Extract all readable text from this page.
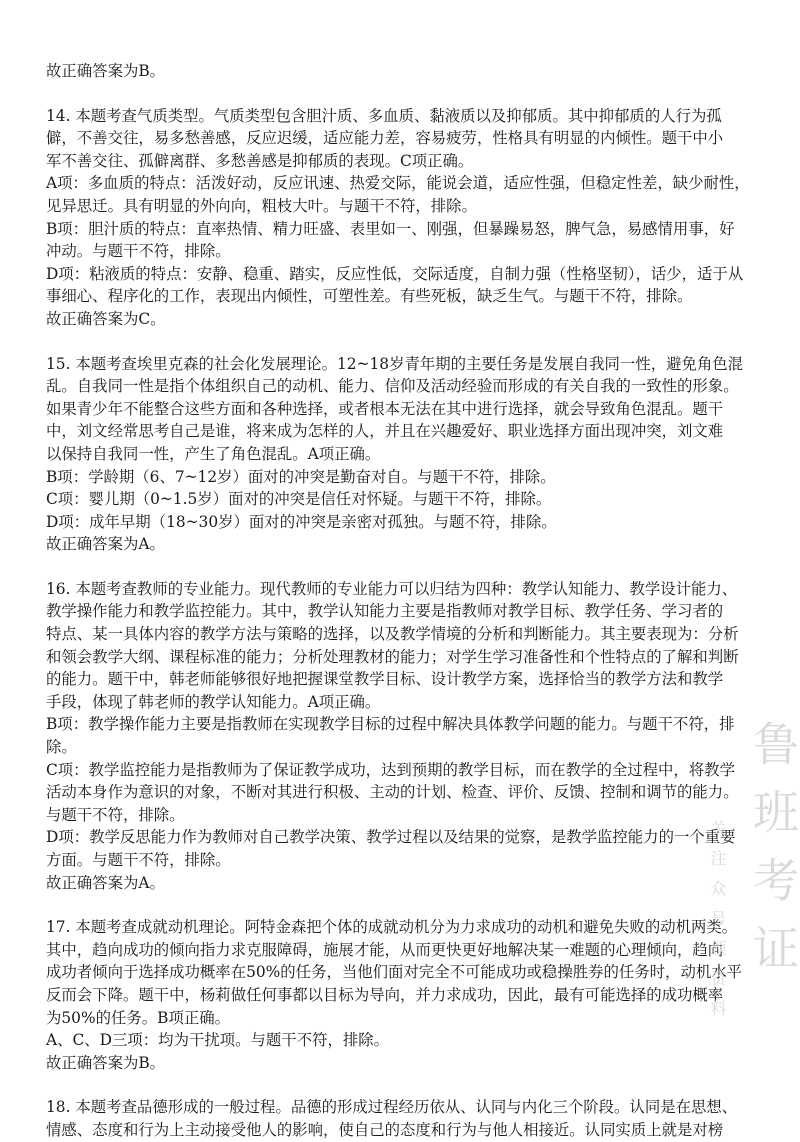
故正确答案为B。
14. 本题考查气质类型。气质类型包含胆汁质、多血质、黏液质以及抑郁质。其中抑郁质的人行为孤
僻，不善交往，易多愁善感，反应迟缓，适应能力差，容易疲劳，性格具有明显的内倾性。题干中小
军不善交往、孤僻离群、多愁善感是抑郁质的表现。C项正确。
A项：多血质的特点：活泼好动，反应讯速、热爱交际，能说会道，适应性强，但稳定性差，缺少耐性，
见异思迁。具有明显的外向向，粗枝大叶。与题干不符，排除。
B项：胆汁质的特点：直率热情、精力旺盛、表里如一、刚强，但暴躁易怒，脾气急，易感情用事，好
冲动。与题干不符，排除。
D项：粘液质的特点：安静、稳重、踏实，反应性低，交际适度，自制力强（性格坚韧），话少，适于从
事细心、程序化的工作，表现出内倾性，可塑性差。有些死板，缺乏生气。与题干不符，排除。
故正确答案为C。
15. 本题考查埃里克森的社会化发展理论。12~18岁青年期的主要任务是发展自我同一性，避免角色混
乱。自我同一性是指个体组织自己的动机、能力、信仰及活动经验而形成的有关自我的一致性的形象。
如果青少年不能整合这些方面和各种选择，或者根本无法在其中进行选择，就会导致角色混乱。题干
中，刘文经常思考自己是谁，将来成为怎样的人，并且在兴趣爱好、职业选择方面出现冲突，刘文难
以保持自我同一性，产生了角色混乱。A项正确。
B项：学龄期（6、7~12岁）面对的冲突是勤奋对自。与题干不符，排除。
C项：婴儿期（0~1.5岁）面对的冲突是信任对怀疑。与题干不符，排除。
D项：成年早期（18~30岁）面对的冲突是亲密对孤独。与题不符，排除。
故正确答案为A。
16. 本题考查教师的专业能力。现代教师的专业能力可以归结为四种：教学认知能力、教学设计能力、
教学操作能力和教学监控能力。其中，教学认知能力主要是指教师对教学目标、教学任务、学习者的
特点、某一具体内容的教学方法与策略的选择，以及教学情境的分析和判断能力。其主要表现为：分析
和领会教学大纲、课程标准的能力；分析处理教材的能力；对学生学习准备性和个性特点的了解和判断
的能力。题干中，韩老师能够很好地把握课堂教学目标、设计教学方案，选择恰当的教学方法和教学
手段，体现了韩老师的教学认知能力。A项正确。
B项：教学操作能力主要是指教师在实现教学目标的过程中解决具体教学问题的能力。与题干不符，排
除。
C项：教学监控能力是指教师为了保证教学成功，达到预期的教学目标，而在教学的全过程中，将教学
活动本身作为意识的对象，不断对其进行积极、主动的计划、检查、评价、反馈、控制和调节的能力。
与题干不符，排除。
D项：教学反思能力作为教师对自己教学决策、教学过程以及结果的觉察，是教学监控能力的一个重要
方面。与题干不符，排除。
故正确答案为A。
17. 本题考查成就动机理论。阿特金森把个体的成就动机分为力求成功的动机和避免失败的动机两类。
其中，趋向成功的倾向指力求克服障碍，施展才能，从而更快更好地解决某一难题的心理倾向，趋向
成功者倾向于选择成功概率在50%的任务，当他们面对完全不可能成功或稳操胜券的任务时，动机水平
反而会下降。题干中，杨莉做任何事都以目标为导向，并力求成功，因此，最有可能选择的成功概率
为50%的任务。B项正确。
A、C、D三项：均为干扰项。与题干不符，排除。
故正确答案为B。
18. 本题考查品德形成的一般过程。品德的形成过程经历依从、认同与内化三个阶段。认同是在思想、
情感、态度和行为上主动接受他人的影响，使自己的态度和行为与他人相接近。认同实质上就是对榜
鲁班考证
关注众号领资料
